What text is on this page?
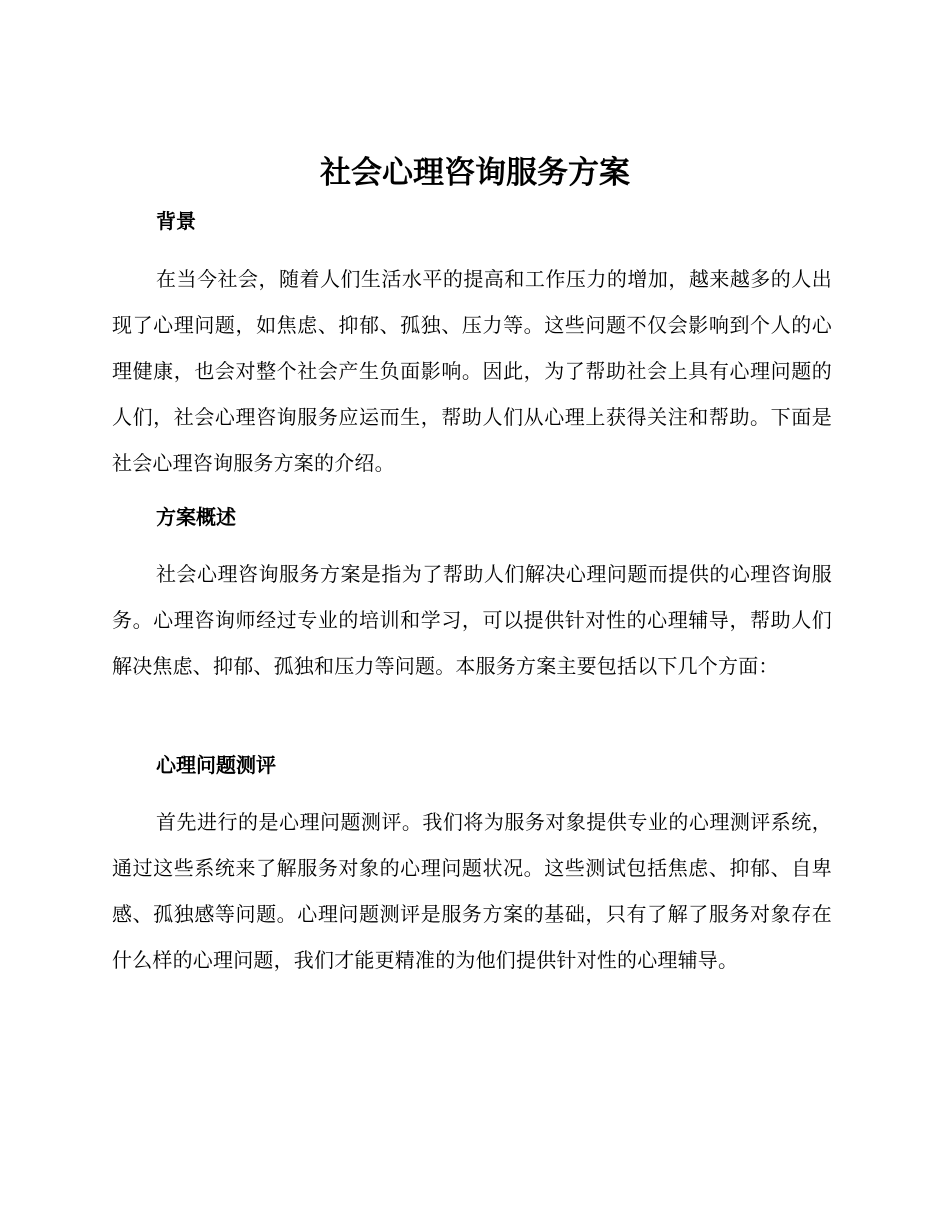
社会心理咨询服务方案
背景

在当今社会，随着人们生活水平的提高和工作压力的增加，越来越多的人出现了心理问题，如焦虑、抑郁、孤独、压力等。这些问题不仅会影响到个人的心理健康，也会对整个社会产生负面影响。因此，为了帮助社会上具有心理问题的人们，社会心理咨询服务应运而生，帮助人们从心理上获得关注和帮助。下面是社会心理咨询服务方案的介绍。

方案概述

社会心理咨询服务方案是指为了帮助人们解决心理问题而提供的心理咨询服务。心理咨询师经过专业的培训和学习，可以提供针对性的心理辅导，帮助人们解决焦虑、抑郁、孤独和压力等问题。本服务方案主要包括以下几个方面：

心理问题测评

首先进行的是心理问题测评。我们将为服务对象提供专业的心理测评系统，通过这些系统来了解服务对象的心理问题状况。这些测试包括焦虑、抑郁、自卑感、孤独感等问题。心理问题测评是服务方案的基础，只有了解了服务对象存在什么样的心理问题，我们才能更精准的为他们提供针对性的心理辅导。
